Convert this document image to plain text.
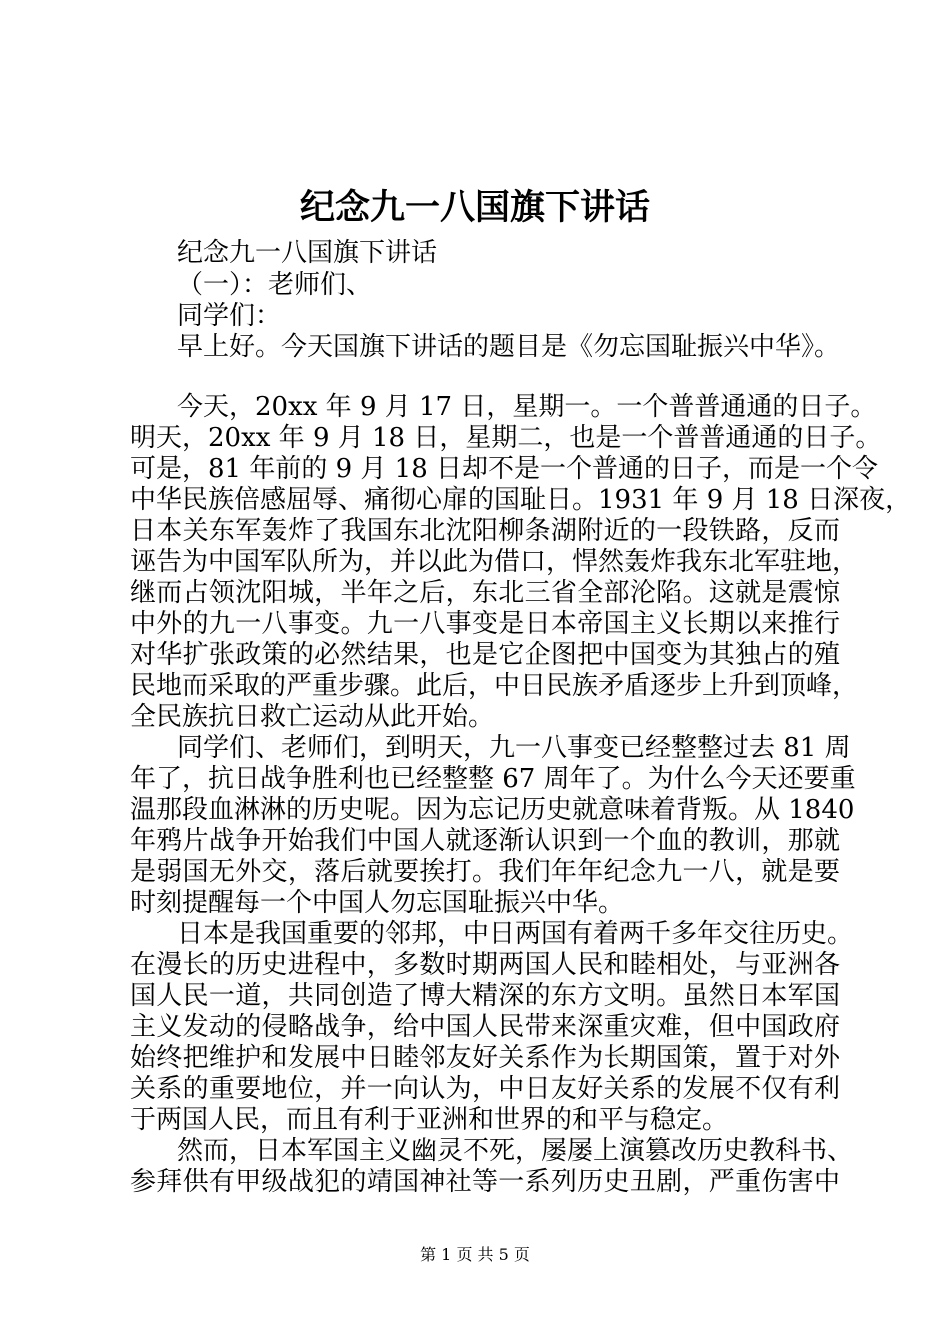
纪念九一八国旗下讲话
纪念九一八国旗下讲话
（一）：老师们、
同学们：
早上好。今天国旗下讲话的题目是《勿忘国耻振兴中华》。
今天，20xx 年 9 月 17 日，星期一。一个普普通通的日子。
明天，20xx 年 9 月 18 日，星期二，也是一个普普通通的日子。
可是，81 年前的 9 月 18 日却不是一个普通的日子，而是一个令
中华民族倍感屈辱、痛彻心扉的国耻日。1931 年 9 月 18 日深夜，
日本关东军轰炸了我国东北沈阳柳条湖附近的一段铁路，反而
诬告为中国军队所为，并以此为借口，悍然轰炸我东北军驻地，
继而占领沈阳城，半年之后，东北三省全部沦陷。这就是震惊
中外的九一八事变。九一八事变是日本帝国主义长期以来推行
对华扩张政策的必然结果，也是它企图把中国变为其独占的殖
民地而采取的严重步骤。此后，中日民族矛盾逐步上升到顶峰，
全民族抗日救亡运动从此开始。
同学们、老师们，到明天，九一八事变已经整整过去 81 周
年了，抗日战争胜利也已经整整 67 周年了。为什么今天还要重
温那段血淋淋的历史呢。因为忘记历史就意味着背叛。从 1840
年鸦片战争开始我们中国人就逐渐认识到一个血的教训，那就
是弱国无外交，落后就要挨打。我们年年纪念九一八，就是要
时刻提醒每一个中国人勿忘国耻振兴中华。
日本是我国重要的邻邦，中日两国有着两千多年交往历史。
在漫长的历史进程中，多数时期两国人民和睦相处，与亚洲各
国人民一道，共同创造了博大精深的东方文明。虽然日本军国
主义发动的侵略战争，给中国人民带来深重灾难，但中国政府
始终把维护和发展中日睦邻友好关系作为长期国策，置于对外
关系的重要地位，并一向认为，中日友好关系的发展不仅有利
于两国人民，而且有利于亚洲和世界的和平与稳定。
然而，日本军国主义幽灵不死，屡屡上演篡改历史教科书、
参拜供有甲级战犯的靖国神社等一系列历史丑剧，严重伤害中
第 1 页 共 5 页
